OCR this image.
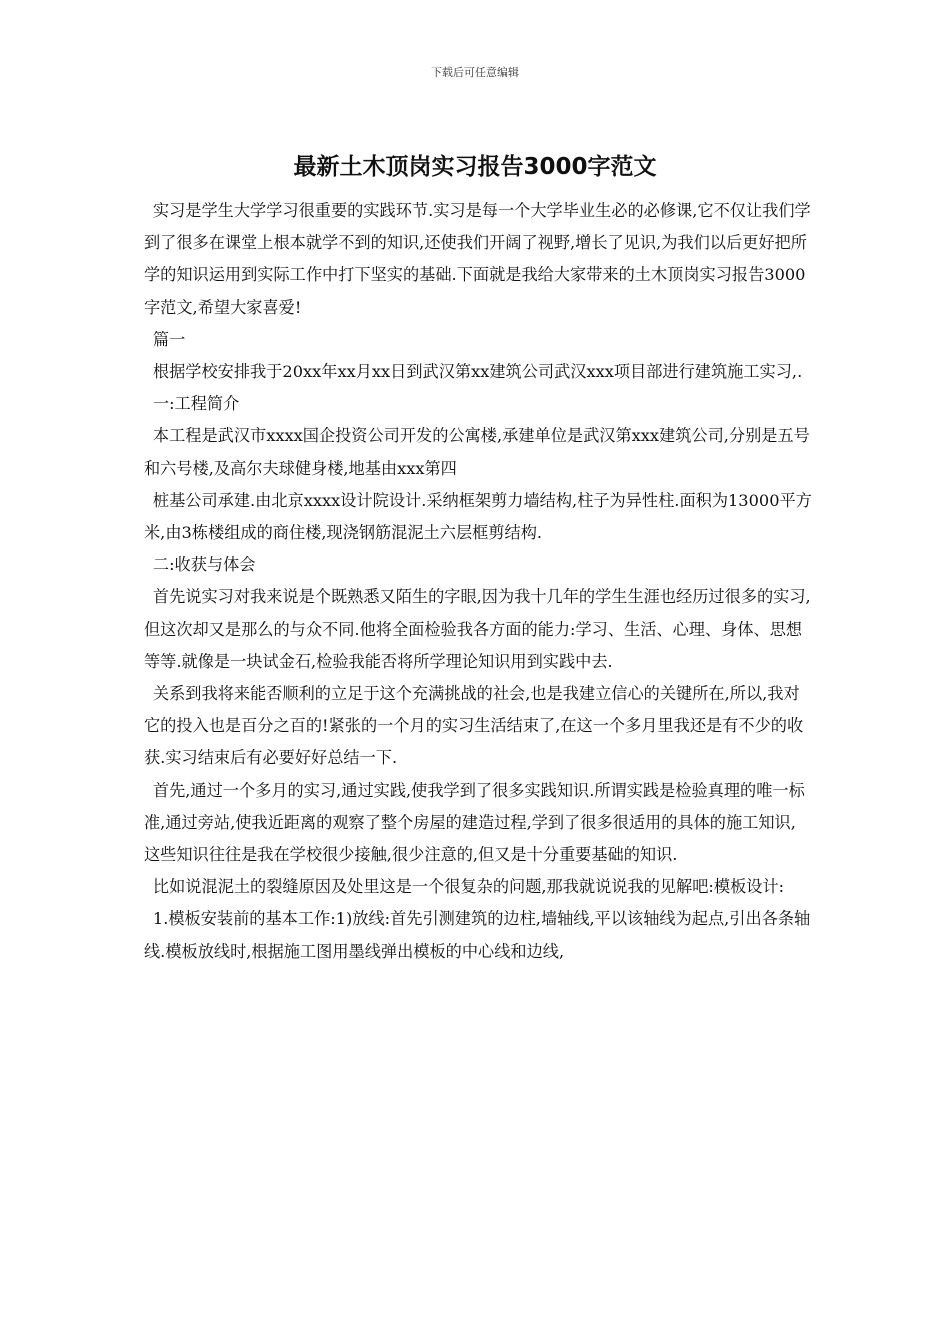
下载后可任意编辑
最新土木顶岗实习报告3000字范文

实习是学生大学学习很重要的实践环节.实习是每一个大学毕业生必的必修课,它不仅让我们学到了很多在课堂上根本就学不到的知识,还使我们开阔了视野,增长了见识,为我们以后更好把所学的知识运用到实际工作中打下坚实的基础.下面就是我给大家带来的土木顶岗实习报告3000字范文,希望大家喜爱!

篇一

根据学校安排我于20xx年xx月xx日到武汉第xx建筑公司武汉xxx项目部进行建筑施工实习,.

一:工程简介

本工程是武汉市xxxx国企投资公司开发的公寓楼,承建单位是武汉第xxx建筑公司,分别是五号和六号楼,及高尔夫球健身楼,地基由xxx第四

桩基公司承建.由北京xxxx设计院设计.采纳框架剪力墙结构,柱子为异性柱.面积为13000平方米,由3栋楼组成的商住楼,现浇钢筋混泥土六层框剪结构.

二:收获与体会

首先说实习对我来说是个既熟悉又陌生的字眼,因为我十几年的学生生涯也经历过很多的实习,但这次却又是那么的与众不同.他将全面检验我各方面的能力:学习、生活、心理、身体、思想等等.就像是一块试金石,检验我能否将所学理论知识用到实践中去.

关系到我将来能否顺利的立足于这个充满挑战的社会,也是我建立信心的关键所在,所以,我对它的投入也是百分之百的!紧张的一个月的实习生活结束了,在这一个多月里我还是有不少的收获.实习结束后有必要好好总结一下.

首先,通过一个多月的实习,通过实践,使我学到了很多实践知识.所谓实践是检验真理的唯一标准,通过旁站,使我近距离的观察了整个房屋的建造过程,学到了很多很适用的具体的施工知识,这些知识往往是我在学校很少接触,很少注意的,但又是十分重要基础的知识.

比如说混泥土的裂缝原因及处里这是一个很复杂的问题,那我就说说我的见解吧:模板设计:

1.模板安装前的基本工作:1)放线:首先引测建筑的边柱,墙轴线,平以该轴线为起点,引出各条轴线.模板放线时,根据施工图用墨线弹出模板的中心线和边线,
